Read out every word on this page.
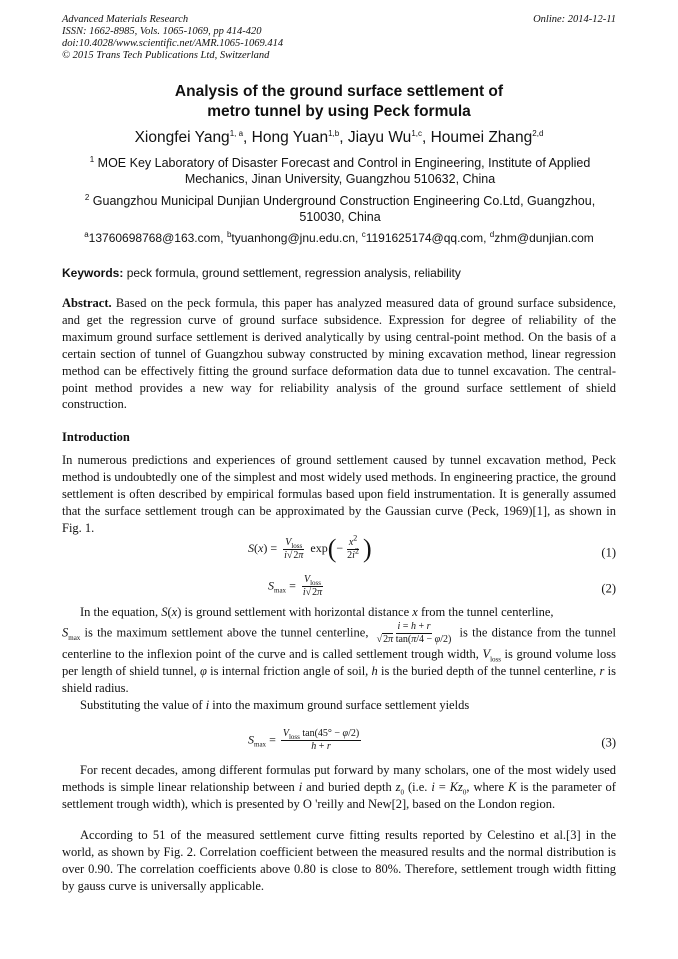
Advanced Materials Research
ISSN: 1662-8985, Vols. 1065-1069, pp 414-420
doi:10.4028/www.scientific.net/AMR.1065-1069.414
© 2015 Trans Tech Publications Ltd, Switzerland
Online: 2014-12-11
Analysis of the ground surface settlement of
metro tunnel by using Peck formula
Xiongfei Yang$^{1, a}$, Hong Yuan$^{1,b}$, Jiayu Wu$^{1,c}$, Houmei Zhang$^{2,d}$
$^1$ MOE Key Laboratory of Disaster Forecast and Control in Engineering, Institute of Applied Mechanics, Jinan University, Guangzhou 510632, China
$^2$ Guangzhou Municipal Dunjian Underground Construction Engineering Co.Ltd, Guangzhou, 510030, China
$^a$13760698768@163.com, $^b$tyuanhong@jnu.edu.cn, $^c$1191625174@qq.com, $^d$zhm@dunjian.com
Keywords: peck formula, ground settlement, regression analysis, reliability
Abstract. Based on the peck formula, this paper has analyzed measured data of ground surface subsidence, and get the regression curve of ground surface subsidence. Expression for degree of reliability of the maximum ground surface settlement is derived analytically by using central-point method. On the basis of a certain section of tunnel of Guangzhou subway constructed by mining excavation method, linear regression method can be effectively fitting the ground surface deformation data due to tunnel excavation. The central-point method provides a new way for reliability analysis of the ground surface settlement of shield construction.
Introduction
In numerous predictions and experiences of ground settlement caused by tunnel excavation method, Peck method is undoubtedly one of the simplest and most widely used methods. In engineering practice, the ground settlement is often described by empirical formulas based upon field instrumentation. It is generally assumed that the surface settlement trough can be approximated by the Gaussian curve (Peck, 1969)[1], as shown in Fig. 1.
$S(x) = \frac{V_{loss}}{i√2\pi} \exp(- \frac{x^2}{2i^2}$ )	(1)
$S_{max} = \frac{V_{loss}}{i√2\pi}$	(2)
In the equation, S(x) is ground settlement with horizontal distance x from the tunnel centerline,
$S_{max}$ is the maximum settlement above the tunnel centerline, $\frac{i = h + r}{\text{√2π tan(π/4 − φ/2)}}$ is the distance from the tunnel centerline to the inflexion point of the curve and is called settlement trough width, $V_{loss}$ is ground volume loss per length of shield tunnel, φ is internal friction angle of soil, h is the buried depth of the tunnel centerline, r is shield radius.
Substituting the value of i into the maximum ground surface settlement yields
$S_{max} = \frac{V_{loss} \tan(45^\circ - \varphi/2)}{h + r}$	(3)
For recent decades, among different formulas put forward by many scholars, one of the most widely used methods is simple linear relationship between i and buried depth $z_0$ (i.e. $i = Kz_0$, where K is the parameter of settlement trough width), which is presented by O 'reilly and New[2], based on the London region.
According to 51 of the measured settlement curve fitting results reported by Celestino et al.[3] in the world, as shown by Fig. 2. Correlation coefficient between the measured results and the normal distribution is over 0.90. The correlation coefficients above 0.80 is close to 80%. Therefore, settlement trough width fitting by gauss curve is universally applicable.
